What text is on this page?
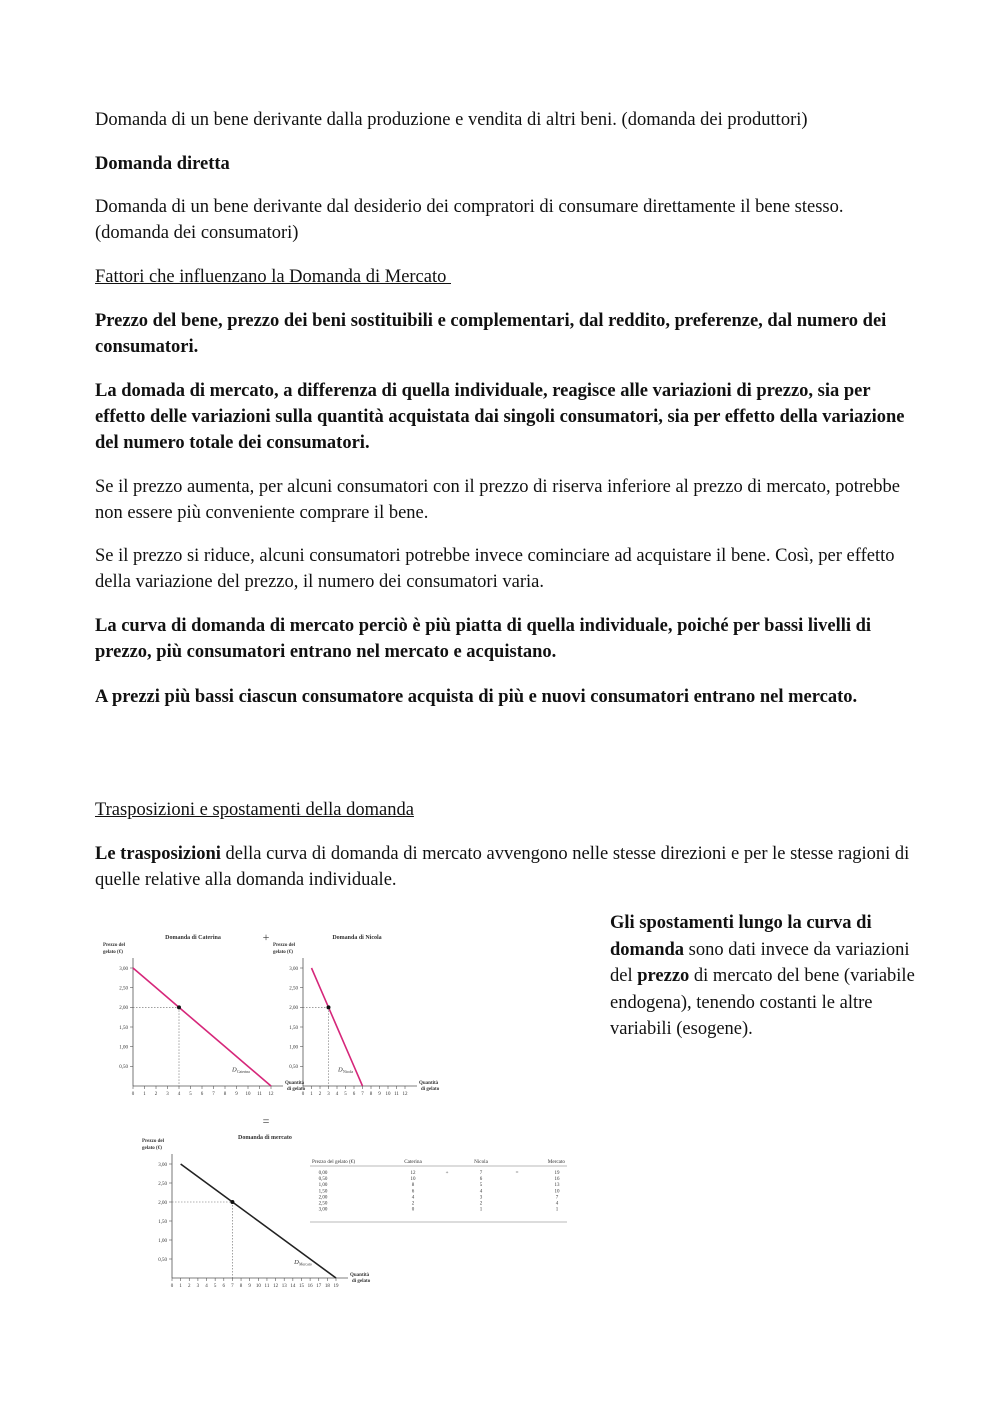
Domanda di un bene derivante dalla produzione e vendita di altri beni. (domanda dei produttori)

Domanda diretta

Domanda di un bene derivante dal desiderio dei compratori di consumare direttamente il bene stesso. (domanda dei consumatori)

Fattori che influenzano la Domanda di Mercato

Prezzo del bene, prezzo dei beni sostituibili e complementari, dal reddito, preferenze, dal numero dei consumatori.

La domada di mercato, a differenza di quella individuale, reagisce alle variazioni di prezzo, sia per effetto delle variazioni sulla quantità acquistata dai singoli consumatori, sia per effetto della variazione del numero totale dei consumatori.

Se il prezzo aumenta, per alcuni consumatori con il prezzo di riserva inferiore al prezzo di mercato, potrebbe non essere più conveniente comprare il bene.

Se il prezzo si riduce, alcuni consumatori potrebbe invece cominciare ad acquistare il bene. Così, per effetto della variazione del prezzo, il numero dei consumatori varia.

La curva di domanda di mercato perciò è più piatta di quella individuale, poiché per bassi livelli di prezzo, più consumatori entrano nel mercato e acquistano.

A prezzi più bassi ciascun consumatore acquista di più e nuovi consumatori entrano nel mercato.

Trasposizioni e spostamenti della domanda

Le trasposizioni della curva di domanda di mercato avvengono nelle stesse direzioni e per le stesse ragioni di quelle relative alla domanda individuale.

Gli spostamenti lungo la curva di domanda sono dati invece da variazioni del prezzo di mercato del bene (variabile endogena), tenendo costanti le altre variabili (esogene).
Domanda di Caterina
Prezzo del
gelato (€)
0,50
1,00
1,50
2,00
2,50
3,00
0 1 2 3 4 5 6 7 8 9 10 11 12
Quantità
di gelato
D Caterina
Domanda di Nicola
Prezzo del
gelato (€)
0,50
1,00
1,50
2,00
2,50
3,00
0 1 2 3 4 5 6 7 8 9 10 11 12
Quantità
di gelato
D Nicola
Domanda di mercato
Prezzo del
gelato (€)
0,50
1,00
1,50
2,00
2,50
3,00
0 1 2 3 4 5 6 7 8 9 10 11 12 13 14 15 16 17 18 19
Quantità
di gelato
D Mercato
+
=
Prezzo del gelato (€)	Caterina	Nicola	Mercato
0,00	12	7	19
+	=
0,50	10	6	16
1,00	8	5	13
1,50	6	4	10
2,00	4	3	7
2,50	2	2	4
3,00	0	1	1
